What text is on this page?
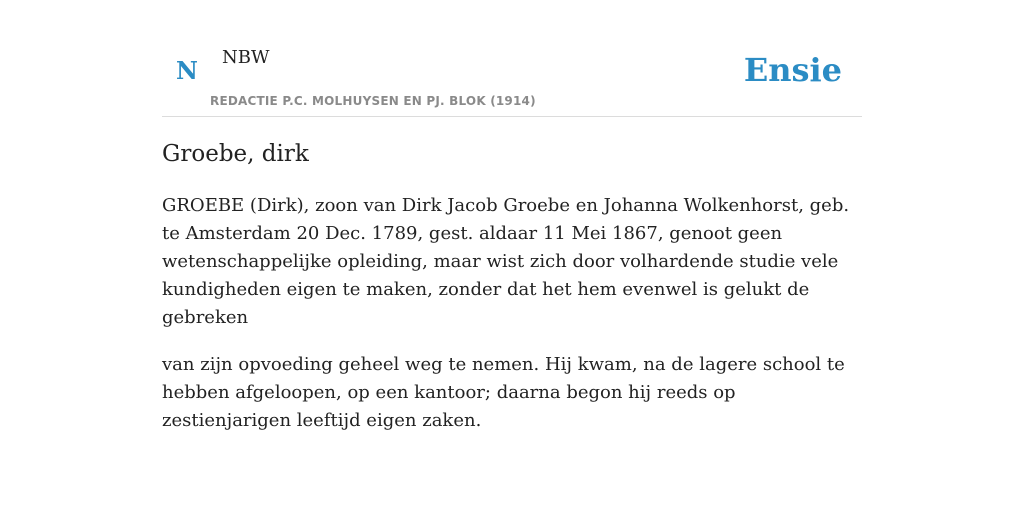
N NBW
REDACTIE P.C. MOLHUYSEN EN PJ. BLOK (1914)
Ensie
Groebe, dirk

GROEBE (Dirk), zoon van Dirk Jacob Groebe en Johanna Wolkenhorst, geb. te Amsterdam 20 Dec. 1789, gest. aldaar 11 Mei 1867, genoot geen wetenschappelijke opleiding, maar wist zich door volhardende studie vele kundigheden eigen te maken, zonder dat het hem evenwel is gelukt de gebreken

van zijn opvoeding geheel weg te nemen. Hij kwam, na de lagere school te hebben afgeloopen, op een kantoor; daarna begon hij reeds op zestienjarigen leeftijd eigen zaken.
